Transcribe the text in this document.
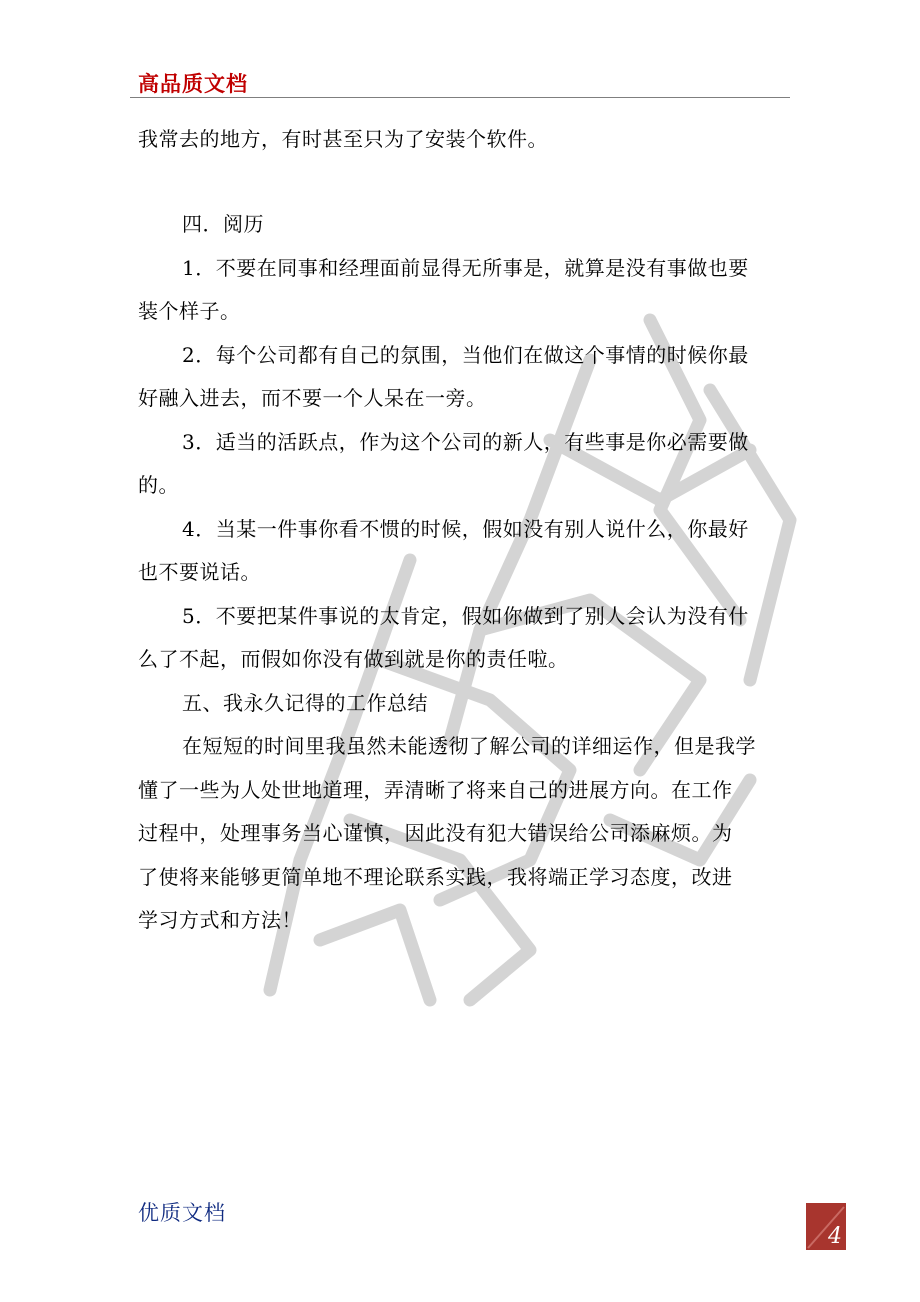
高品质文档
我常去的地方，有时甚至只为了安装个软件。
四．阅历
1．不要在同事和经理面前显得无所事是，就算是没有事做也要
装个样子。
2．每个公司都有自己的氛围，当他们在做这个事情的时候你最
好融入进去，而不要一个人呆在一旁。
3．适当的活跃点，作为这个公司的新人，有些事是你必需要做
的。
4．当某一件事你看不惯的时候，假如没有别人说什么，你最好
也不要说话。
5．不要把某件事说的太肯定，假如你做到了别人会认为没有什
么了不起，而假如你没有做到就是你的责任啦。
五、我永久记得的工作总结
在短短的时间里我虽然未能透彻了解公司的详细运作，但是我学
懂了一些为人处世地道理，弄清晰了将来自己的进展方向。在工作
过程中，处理事务当心谨慎，因此没有犯大错误给公司添麻烦。为
了使将来能够更简单地不理论联系实践，我将端正学习态度，改进
学习方式和方法！
优质文档
4
